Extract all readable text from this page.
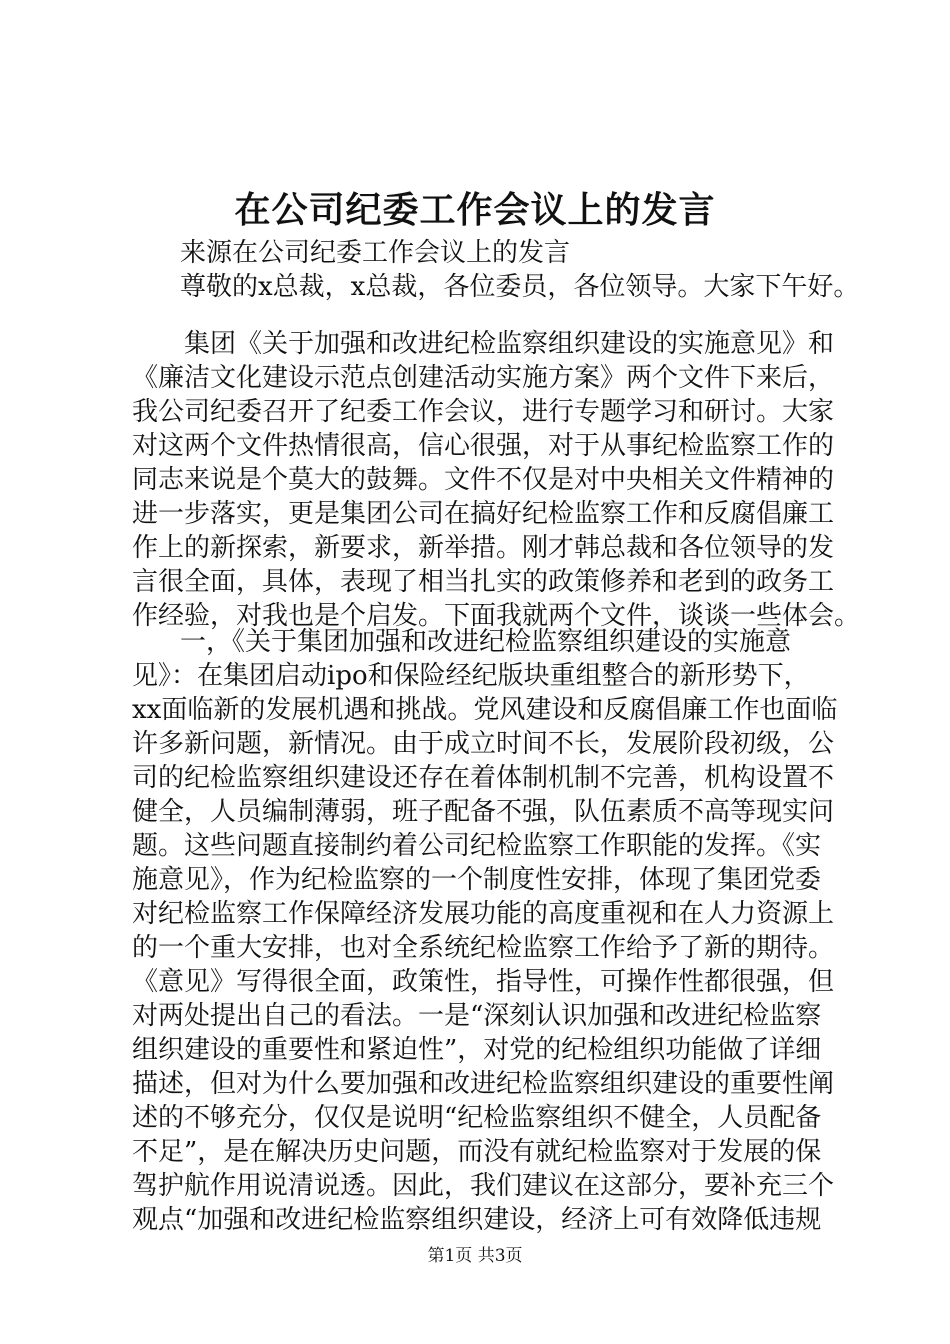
在公司纪委工作会议上的发言
来源在公司纪委工作会议上的发言
尊敬的x总裁，x总裁，各位委员，各位领导。大家下午好。
集团《关于加强和改进纪检监察组织建设的实施意见》和
《廉洁文化建设示范点创建活动实施方案》两个文件下来后，
我公司纪委召开了纪委工作会议，进行专题学习和研讨。大家
对这两个文件热情很高，信心很强，对于从事纪检监察工作的
同志来说是个莫大的鼓舞。文件不仅是对中央相关文件精神的
进一步落实，更是集团公司在搞好纪检监察工作和反腐倡廉工
作上的新探索，新要求，新举措。刚才韩总裁和各位领导的发
言很全面，具体，表现了相当扎实的政策修养和老到的政务工
作经验，对我也是个启发。下面我就两个文件，谈谈一些体会。
一，《关于集团加强和改进纪检监察组织建设的实施意
见》：在集团启动ipo和保险经纪版块重组整合的新形势下，
xx面临新的发展机遇和挑战。党风建设和反腐倡廉工作也面临
许多新问题，新情况。由于成立时间不长，发展阶段初级，公
司的纪检监察组织建设还存在着体制机制不完善，机构设置不
健全，人员编制薄弱，班子配备不强，队伍素质不高等现实问
题。这些问题直接制约着公司纪检监察工作职能的发挥。《实
施意见》，作为纪检监察的一个制度性安排，体现了集团党委
对纪检监察工作保障经济发展功能的高度重视和在人力资源上
的一个重大安排，也对全系统纪检监察工作给予了新的期待。
《意见》写得很全面，政策性，指导性，可操作性都很强，但
对两处提出自己的看法。一是“深刻认识加强和改进纪检监察
组织建设的重要性和紧迫性”，对党的纪检组织功能做了详细
描述，但对为什么要加强和改进纪检监察组织建设的重要性阐
述的不够充分，仅仅是说明“纪检监察组织不健全，人员配备
不足”，是在解决历史问题，而没有就纪检监察对于发展的保
驾护航作用说清说透。因此，我们建议在这部分，要补充三个
观点“加强和改进纪检监察组织建设，经济上可有效降低违规
第1页 共3页
